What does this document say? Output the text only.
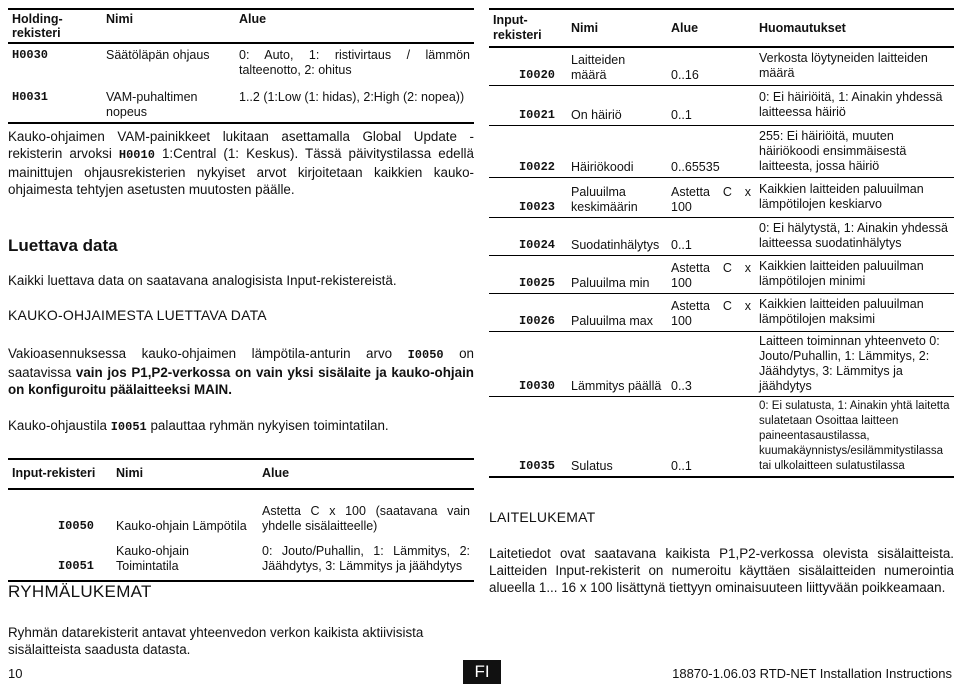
Holding-rekisteri	Nimi	Alue
H0030	Säätöläpän ohjaus	0: Auto, 1: ristivirtaus / lämmön talteenotto, 2: ohitus
H0031	VAM-puhaltimen nopeus	1..2 (1:Low (1: hidas), 2:High (2: nopea))
Kauko-ohjaimen VAM-painikkeet lukitaan asettamalla Global Update -rekisterin arvoksi H0010 1:Central (1: Keskus). Tässä päivitystilassa edellä mainittujen ohjausrekisterien nykyiset arvot kirjoitetaan kaikkien kauko-ohjaimesta tehtyjen asetusten muutosten päälle.
Luettava data
Kaikki luettava data on saatavana analogisista Input-rekistereistä.
KAUKO-OHJAIMESTA LUETTAVA DATA
Vakioasennuksessa kauko-ohjaimen lämpötila-anturin arvo I0050 on saatavissa vain jos P1,P2-verkossa on vain yksi sisälaite ja kauko-ohjain on konfiguroitu päälaitteeksi MAIN.
Kauko-ohjaustila I0051 palauttaa ryhmän nykyisen toimintatilan.
Input-rekisteri	Nimi	Alue
I0050	Kauko-ohjain Lämpötila	Astetta C x 100 (saatavana vain yhdelle sisälaitteelle)
I0051	Kauko-ohjain Toimintatila	0: Jouto/Puhallin, 1: Lämmitys, 2: Jäähdytys, 3: Lämmitys ja jäähdytys
RYHMÄLUKEMAT
Ryhmän datarekisterit antavat yhteenvedon verkon kaikista aktiivisista sisälaitteista saadusta datasta.
Input-rekisteri	Nimi	Alue	Huomautukset
I0020	Laitteiden määrä	0..16	Verkosta löytyneiden laitteiden määrä
I0021	On häiriö	0..1	0: Ei häiriöitä, 1: Ainakin yhdessä laitteessa häiriö
I0022	Häiriökoodi	0..65535	255: Ei häiriöitä, muuten häiriökoodi ensimmäisestä laitteesta, jossa häiriö
I0023	Paluuilma keskimäärin	Astetta C x 100	Kaikkien laitteiden paluuilman lämpötilojen keskiarvo
I0024	Suodatinhälytys	0..1	0: Ei hälytystä, 1: Ainakin yhdessä laitteessa suodatinhälytys
I0025	Paluuilma min	Astetta C x 100	Kaikkien laitteiden paluuilman lämpötilojen minimi
I0026	Paluuilma max	Astetta C x 100	Kaikkien laitteiden paluuilman lämpötilojen maksimi
I0030	Lämmitys päällä	0..3	Laitteen toiminnan yhteenveto 0: Jouto/Puhallin, 1: Lämmitys, 2: Jäähdytys, 3: Lämmitys ja jäähdytys
I0035	Sulatus	0..1	0: Ei sulatusta, 1: Ainakin yhtä laitetta sulatetaan Osoittaa laitteen paineentasaustilassa, kuumakäynnistys/esilämmitystilassa tai ulkolaitteen sulatustilassa
LAITELUKEMAT
Laitetiedot ovat saatavana kaikista P1,P2-verkossa olevista sisälaitteista. Laitteiden Input-rekisterit on numeroitu käyttäen sisälaitteiden numerointia alueella 1... 16 x 100 lisättynä tiettyyn ominaisuuteen liittyvään poikkeamaan.
10	FI	18870-1.06.03 RTD-NET Installation Instructions
